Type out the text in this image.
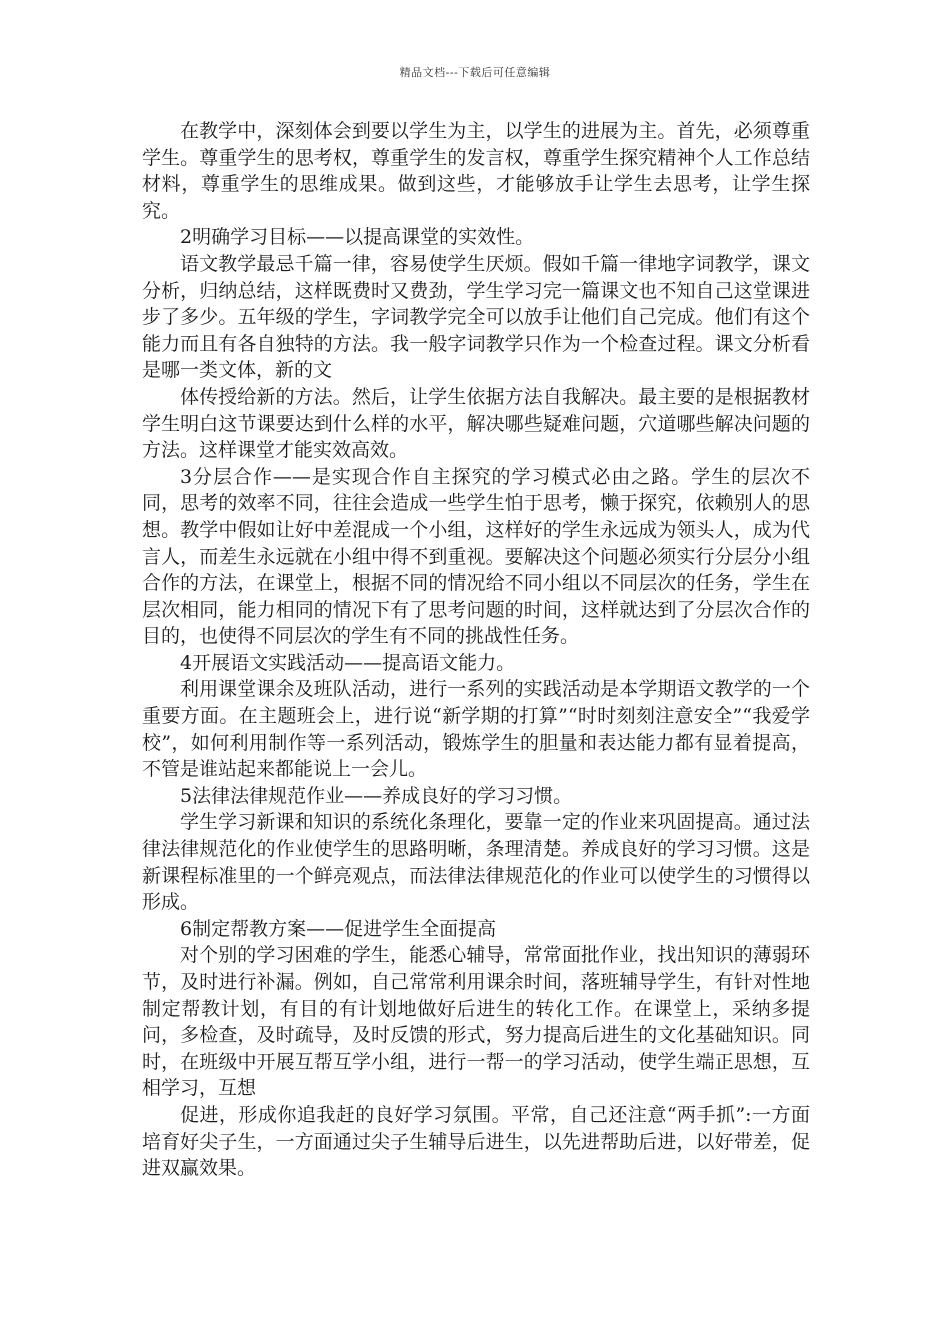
精品文档---下载后可任意编辑

在教学中，深刻体会到要以学生为主，以学生的进展为主。首先，必须尊重学生。尊重学生的思考权，尊重学生的发言权，尊重学生探究精神个人工作总结材料，尊重学生的思维成果。做到这些，才能够放手让学生去思考，让学生探究。

2明确学习目标——以提高课堂的实效性。

语文教学最忌千篇一律，容易使学生厌烦。假如千篇一律地字词教学，课文分析，归纳总结，这样既费时又费劲，学生学习完一篇课文也不知自己这堂课进步了多少。五年级的学生，字词教学完全可以放手让他们自己完成。他们有这个能力而且有各自独特的方法。我一般字词教学只作为一个检查过程。课文分析看是哪一类文体，新的文

体传授给新的方法。然后，让学生依据方法自我解决。最主要的是根据教材学生明白这节课要达到什么样的水平，解决哪些疑难问题，穴道哪些解决问题的方法。这样课堂才能实效高效。

3分层合作——是实现合作自主探究的学习模式必由之路。学生的层次不同，思考的效率不同，往往会造成一些学生怕于思考，懒于探究，依赖别人的思想。教学中假如让好中差混成一个小组，这样好的学生永远成为领头人，成为代言人，而差生永远就在小组中得不到重视。要解决这个问题必须实行分层分小组合作的方法，在课堂上，根据不同的情况给不同小组以不同层次的任务，学生在层次相同，能力相同的情况下有了思考问题的时间，这样就达到了分层次合作的目的，也使得不同层次的学生有不同的挑战性任务。

4开展语文实践活动——提高语文能力。

利用课堂课余及班队活动，进行一系列的实践活动是本学期语文教学的一个重要方面。在主题班会上，进行说“新学期的打算”“时时刻刻注意安全”“我爱学校”，如何利用制作等一系列活动，锻炼学生的胆量和表达能力都有显着提高，不管是谁站起来都能说上一会儿。

5法律法律规范作业——养成良好的学习习惯。

学生学习新课和知识的系统化条理化，要靠一定的作业来巩固提高。通过法律法律规范化的作业使学生的思路明晰，条理清楚。养成良好的学习习惯。这是新课程标准里的一个鲜亮观点，而法律法律规范化的作业可以使学生的习惯得以形成。

6制定帮教方案——促进学生全面提高

对个别的学习困难的学生，能悉心辅导，常常面批作业，找出知识的薄弱环节，及时进行补漏。例如，自己常常利用课余时间，落班辅导学生，有针对性地制定帮教计划，有目的有计划地做好后进生的转化工作。在课堂上，采纳多提问，多检查，及时疏导，及时反馈的形式，努力提高后进生的文化基础知识。同时，在班级中开展互帮互学小组，进行一帮一的学习活动，使学生端正思想，互相学习，互想

促进，形成你追我赶的良好学习氛围。平常，自己还注意“两手抓”:一方面培育好尖子生，一方面通过尖子生辅导后进生，以先进帮助后进，以好带差，促进双赢效果。
